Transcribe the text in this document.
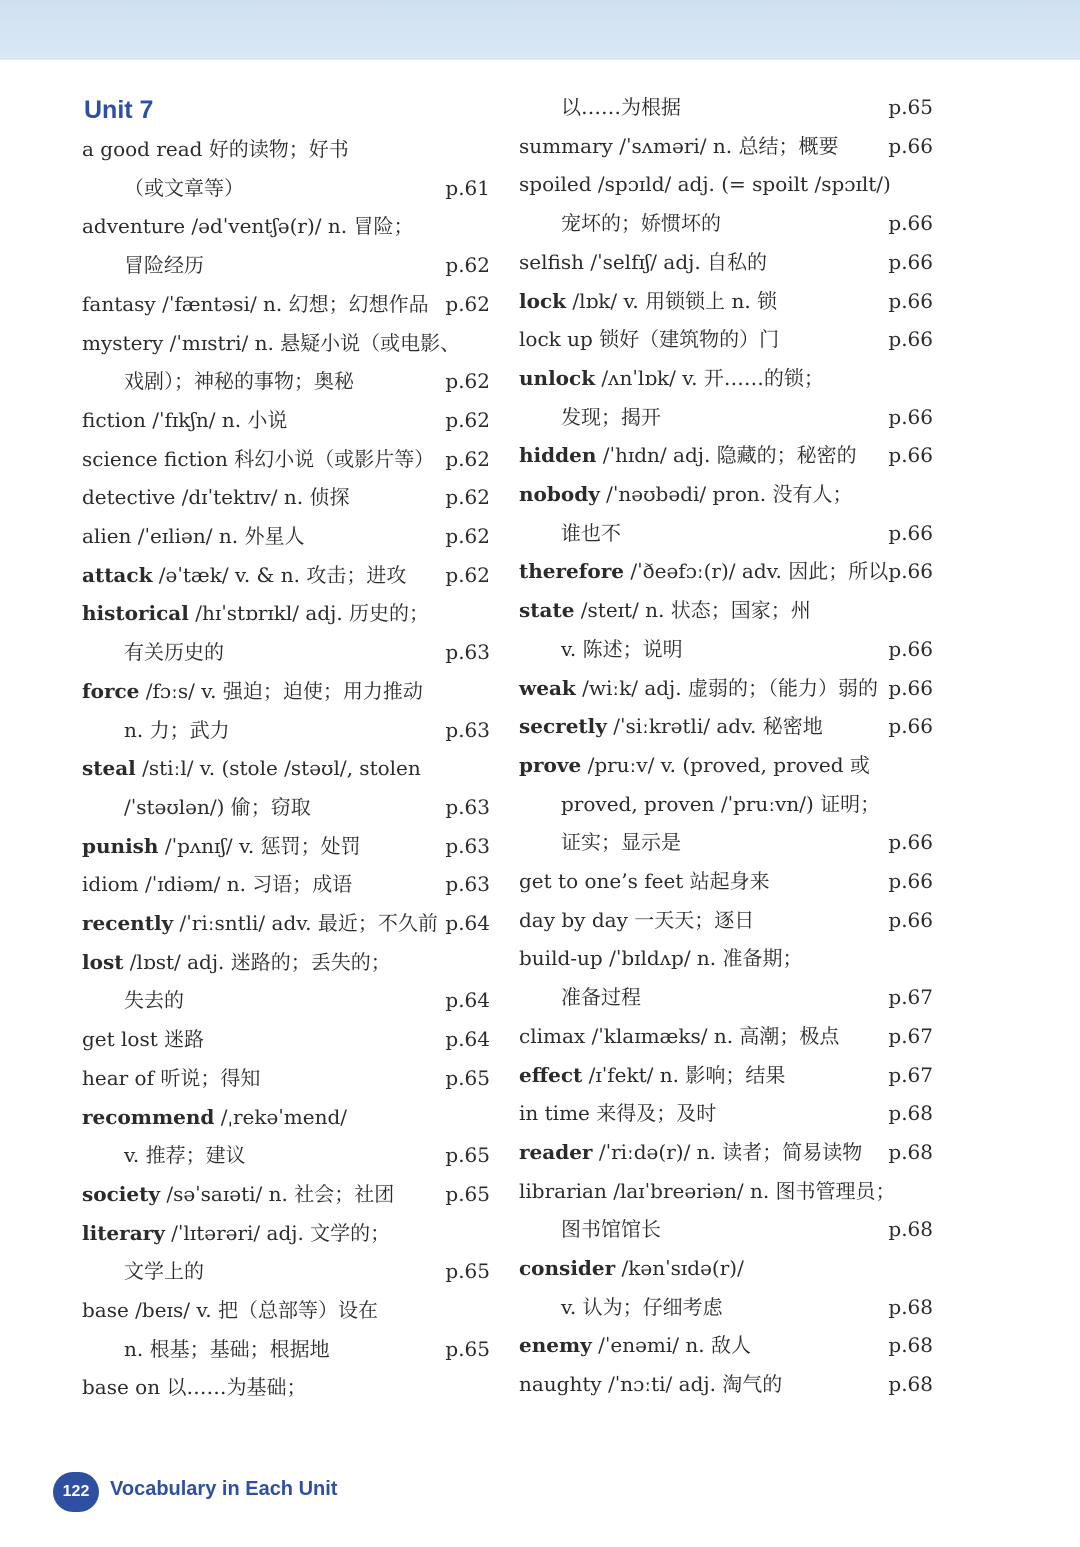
Unit 7
a good read 好的读物；好书
（或文章等）	p.61
adventure /ədˈventʃə(r)/ n. 冒险；
冒险经历	p.62
fantasy /ˈfæntəsi/ n. 幻想；幻想作品 p.62
mystery /ˈmɪstri/ n. 悬疑小说（或电影、
戏剧）；神秘的事物；奥秘	p.62
fiction /ˈfɪkʃn/ n. 小说	p.62
science fiction 科幻小说（或影片等） p.62
detective /dɪˈtektɪv/ n. 侦探	p.62
alien /ˈeɪliən/ n. 外星人	p.62
attack /əˈtæk/ v. & n. 攻击；进攻 p.62
historical /hɪˈstɒrɪkl/ adj. 历史的；
有关历史的	p.63
force /fɔːs/ v. 强迫；迫使；用力推动
n. 力；武力	p.63
steal /stiːl/ v. (stole /stəʊl/, stolen
/ˈstəʊlən/) 偷；窃取	p.63
punish /ˈpʌnɪʃ/ v. 惩罚；处罚	p.63
idiom /ˈɪdiəm/ n. 习语；成语	p.63
recently /ˈriːsntli/ adv. 最近；不久前 p.64
lost /lɒst/ adj. 迷路的；丢失的；
失去的	p.64
get lost 迷路	p.64
hear of 听说；得知	p.65
recommend /ˌrekəˈmend/
v. 推荐；建议	p.65
society /səˈsaɪəti/ n. 社会；社团	p.65
literary /ˈlɪtərəri/ adj. 文学的；
文学上的	p.65
base /beɪs/ v. 把（总部等）设在
n. 根基；基础；根据地	p.65
base on 以……为基础；
以……为根据	p.65
summary /ˈsʌməri/ n. 总结；概要 p.66
spoiled /spɔɪld/ adj. (= spoilt /spɔɪlt/)
宠坏的；娇惯坏的	p.66
selfish /ˈselfɪʃ/ adj. 自私的	p.66
lock /lɒk/ v. 用锁锁上 n. 锁	p.66
lock up 锁好（建筑物的）门	p.66
unlock /ʌnˈlɒk/ v. 开……的锁；
发现；揭开	p.66
hidden /ˈhɪdn/ adj. 隐藏的；秘密的 p.66
nobody /ˈnəʊbədi/ pron. 没有人；
谁也不	p.66
therefore /ˈðeəfɔː(r)/ adv. 因此；所以 p.66
state /steɪt/ n. 状态；国家；州
v. 陈述；说明	p.66
weak /wiːk/ adj. 虚弱的；（能力）弱的 p.66
secretly /ˈsiːkrətli/ adv. 秘密地	p.66
prove /pruːv/ v. (proved, proved 或
proved, proven /ˈpruːvn/) 证明；
证实；显示是	p.66
get to one’s feet 站起身来	p.66
day by day 一天天；逐日	p.66
build-up /ˈbɪldʌp/ n. 准备期；
准备过程	p.67
climax /ˈklaɪmæks/ n. 高潮；极点 p.67
effect /ɪˈfekt/ n. 影响；结果	p.67
in time 来得及；及时	p.68
reader /ˈriːdə(r)/ n. 读者；简易读物 p.68
librarian /laɪˈbreəriən/ n. 图书管理员；
图书馆馆长	p.68
consider /kənˈsɪdə(r)/
v. 认为；仔细考虑	p.68
enemy /ˈenəmi/ n. 敌人	p.68
naughty /ˈnɔːti/ adj. 淘气的	p.68
122	Vocabulary in Each Unit
